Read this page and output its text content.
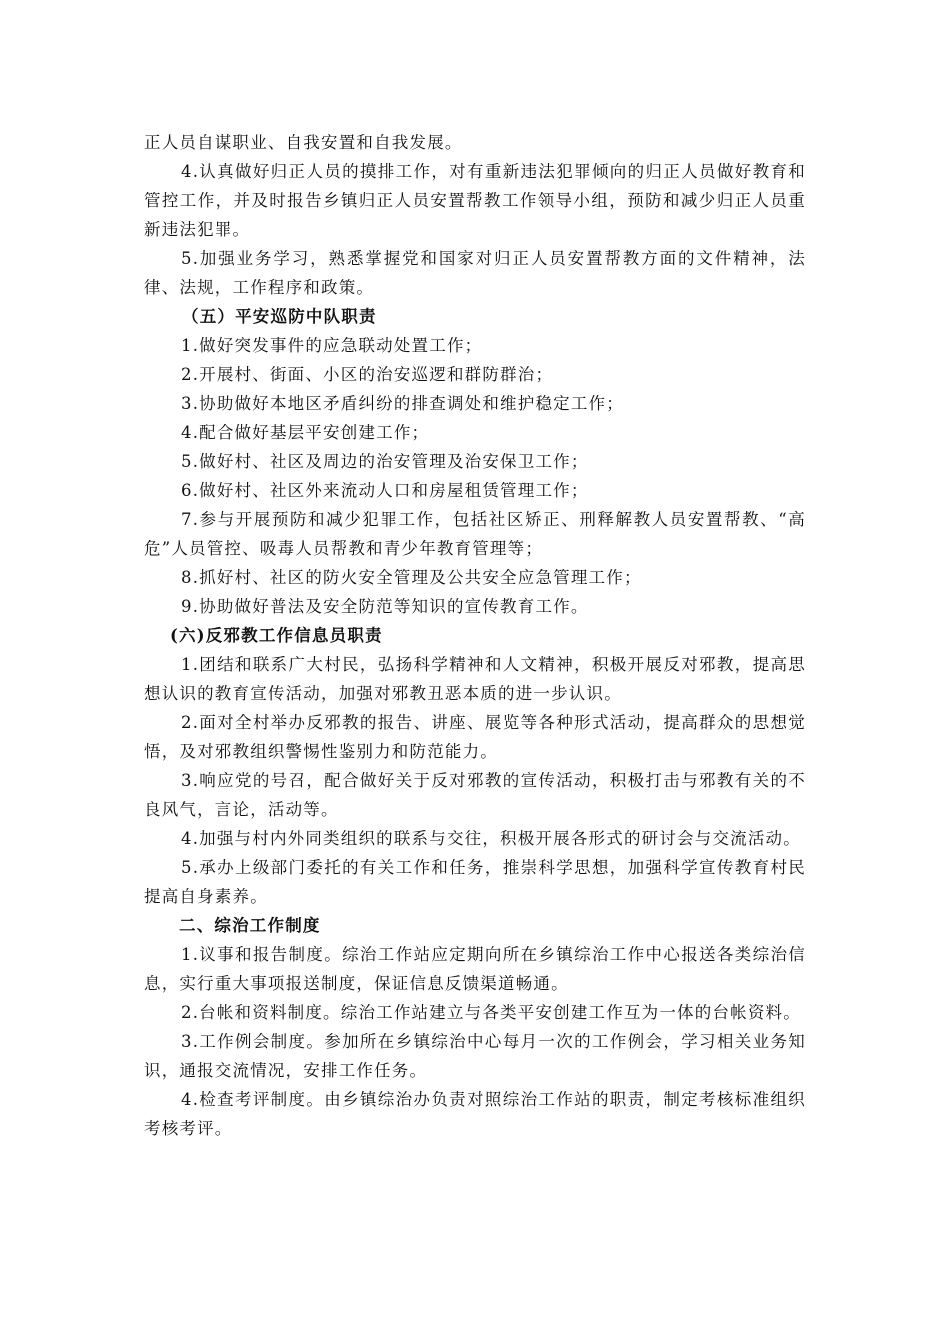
正人员自谋职业、自我安置和自我发展。

4.认真做好归正人员的摸排工作，对有重新违法犯罪倾向的归正人员做好教育和管控工作，并及时报告乡镇归正人员安置帮教工作领导小组，预防和减少归正人员重新违法犯罪。

5.加强业务学习，熟悉掌握党和国家对归正人员安置帮教方面的文件精神，法律、法规，工作程序和政策。

（五）平安巡防中队职责

1.做好突发事件的应急联动处置工作；

2.开展村、街面、小区的治安巡逻和群防群治；

3.协助做好本地区矛盾纠纷的排查调处和维护稳定工作；

4.配合做好基层平安创建工作；

5.做好村、社区及周边的治安管理及治安保卫工作；

6.做好村、社区外来流动人口和房屋租赁管理工作；

7.参与开展预防和减少犯罪工作，包括社区矫正、刑释解教人员安置帮教、“高危”人员管控、吸毒人员帮教和青少年教育管理等；

8.抓好村、社区的防火安全管理及公共安全应急管理工作；

9.协助做好普法及安全防范等知识的宣传教育工作。

(六)反邪教工作信息员职责

1.团结和联系广大村民，弘扬科学精神和人文精神，积极开展反对邪教，提高思想认识的教育宣传活动，加强对邪教丑恶本质的进一步认识。

2.面对全村举办反邪教的报告、讲座、展览等各种形式活动，提高群众的思想觉悟，及对邪教组织警惕性鉴别力和防范能力。

3.响应党的号召，配合做好关于反对邪教的宣传活动，积极打击与邪教有关的不良风气，言论，活动等。

4.加强与村内外同类组织的联系与交往，积极开展各形式的研讨会与交流活动。

5.承办上级部门委托的有关工作和任务，推崇科学思想，加强科学宣传教育村民提高自身素养。

二、综治工作制度

1.议事和报告制度。综治工作站应定期向所在乡镇综治工作中心报送各类综治信息，实行重大事项报送制度，保证信息反馈渠道畅通。

2.台帐和资料制度。综治工作站建立与各类平安创建工作互为一体的台帐资料。

3.工作例会制度。参加所在乡镇综治中心每月一次的工作例会，学习相关业务知识，通报交流情况，安排工作任务。

4.检查考评制度。由乡镇综治办负责对照综治工作站的职责，制定考核标准组织考核考评。
